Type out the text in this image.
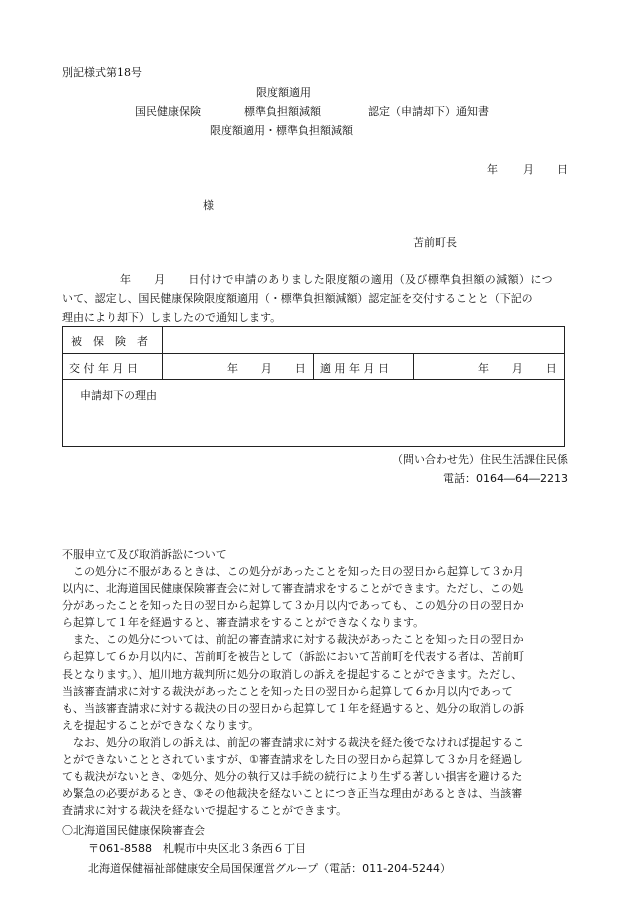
別記様式第18号
限度額適用
国民健康保険	標準負担額減額	認定（申請却下）通知書
限度額適用・標準負担額減額
年 月 日
様
苫前町長
年　　月　　日付けで申請のありました限度額の適用（及び標準負担額の減額）につ
いて、認定し、国民健康保険限度額適用（・標準負担額減額）認定証を交付することと（下記の
理由により却下）しましたので通知します。
被　保　険　者
交 付 年 月 日	年　　月　　日 適 用 年 月 日	年　　月　　日
申請却下の理由
（問い合わせ先）住民生活課住民係
電話：0164―64―2213
不服申立て及び取消訴訟について
　この処分に不服があるときは、この処分があったことを知った日の翌日から起算して３か月
以内に、北海道国民健康保険審査会に対して審査請求をすることができます。ただし、この処
分があったことを知った日の翌日から起算して３か月以内であっても、この処分の日の翌日か
ら起算して１年を経過すると、審査請求をすることができなくなります。
　また、この処分については、前記の審査請求に対する裁決があったことを知った日の翌日か
ら起算して６か月以内に、苫前町を被告として（訴訟において苫前町を代表する者は、苫前町
長となります。）、旭川地方裁判所に処分の取消しの訴えを提起することができます。ただし、
当該審査請求に対する裁決があったことを知った日の翌日から起算して６か月以内であって
も、当該審査請求に対する裁決の日の翌日から起算して１年を経過すると、処分の取消しの訴
えを提起することができなくなります。
　なお、処分の取消しの訴えは、前記の審査請求に対する裁決を経た後でなければ提起するこ
とができないこととされていますが、①審査請求をした日の翌日から起算して３か月を経過し
ても裁決がないとき、②処分、処分の執行又は手続の続行により生ずる著しい損害を避けるた
め緊急の必要があるとき、③その他裁決を経ないことにつき正当な理由があるときは、当該審
査請求に対する裁決を経ないで提起することができます。
〇北海道国民健康保険審査会
〒061-8588　札幌市中央区北３条西６丁目
北海道保健福祉部健康安全局国保運営グループ（電話：011-204-5244）
